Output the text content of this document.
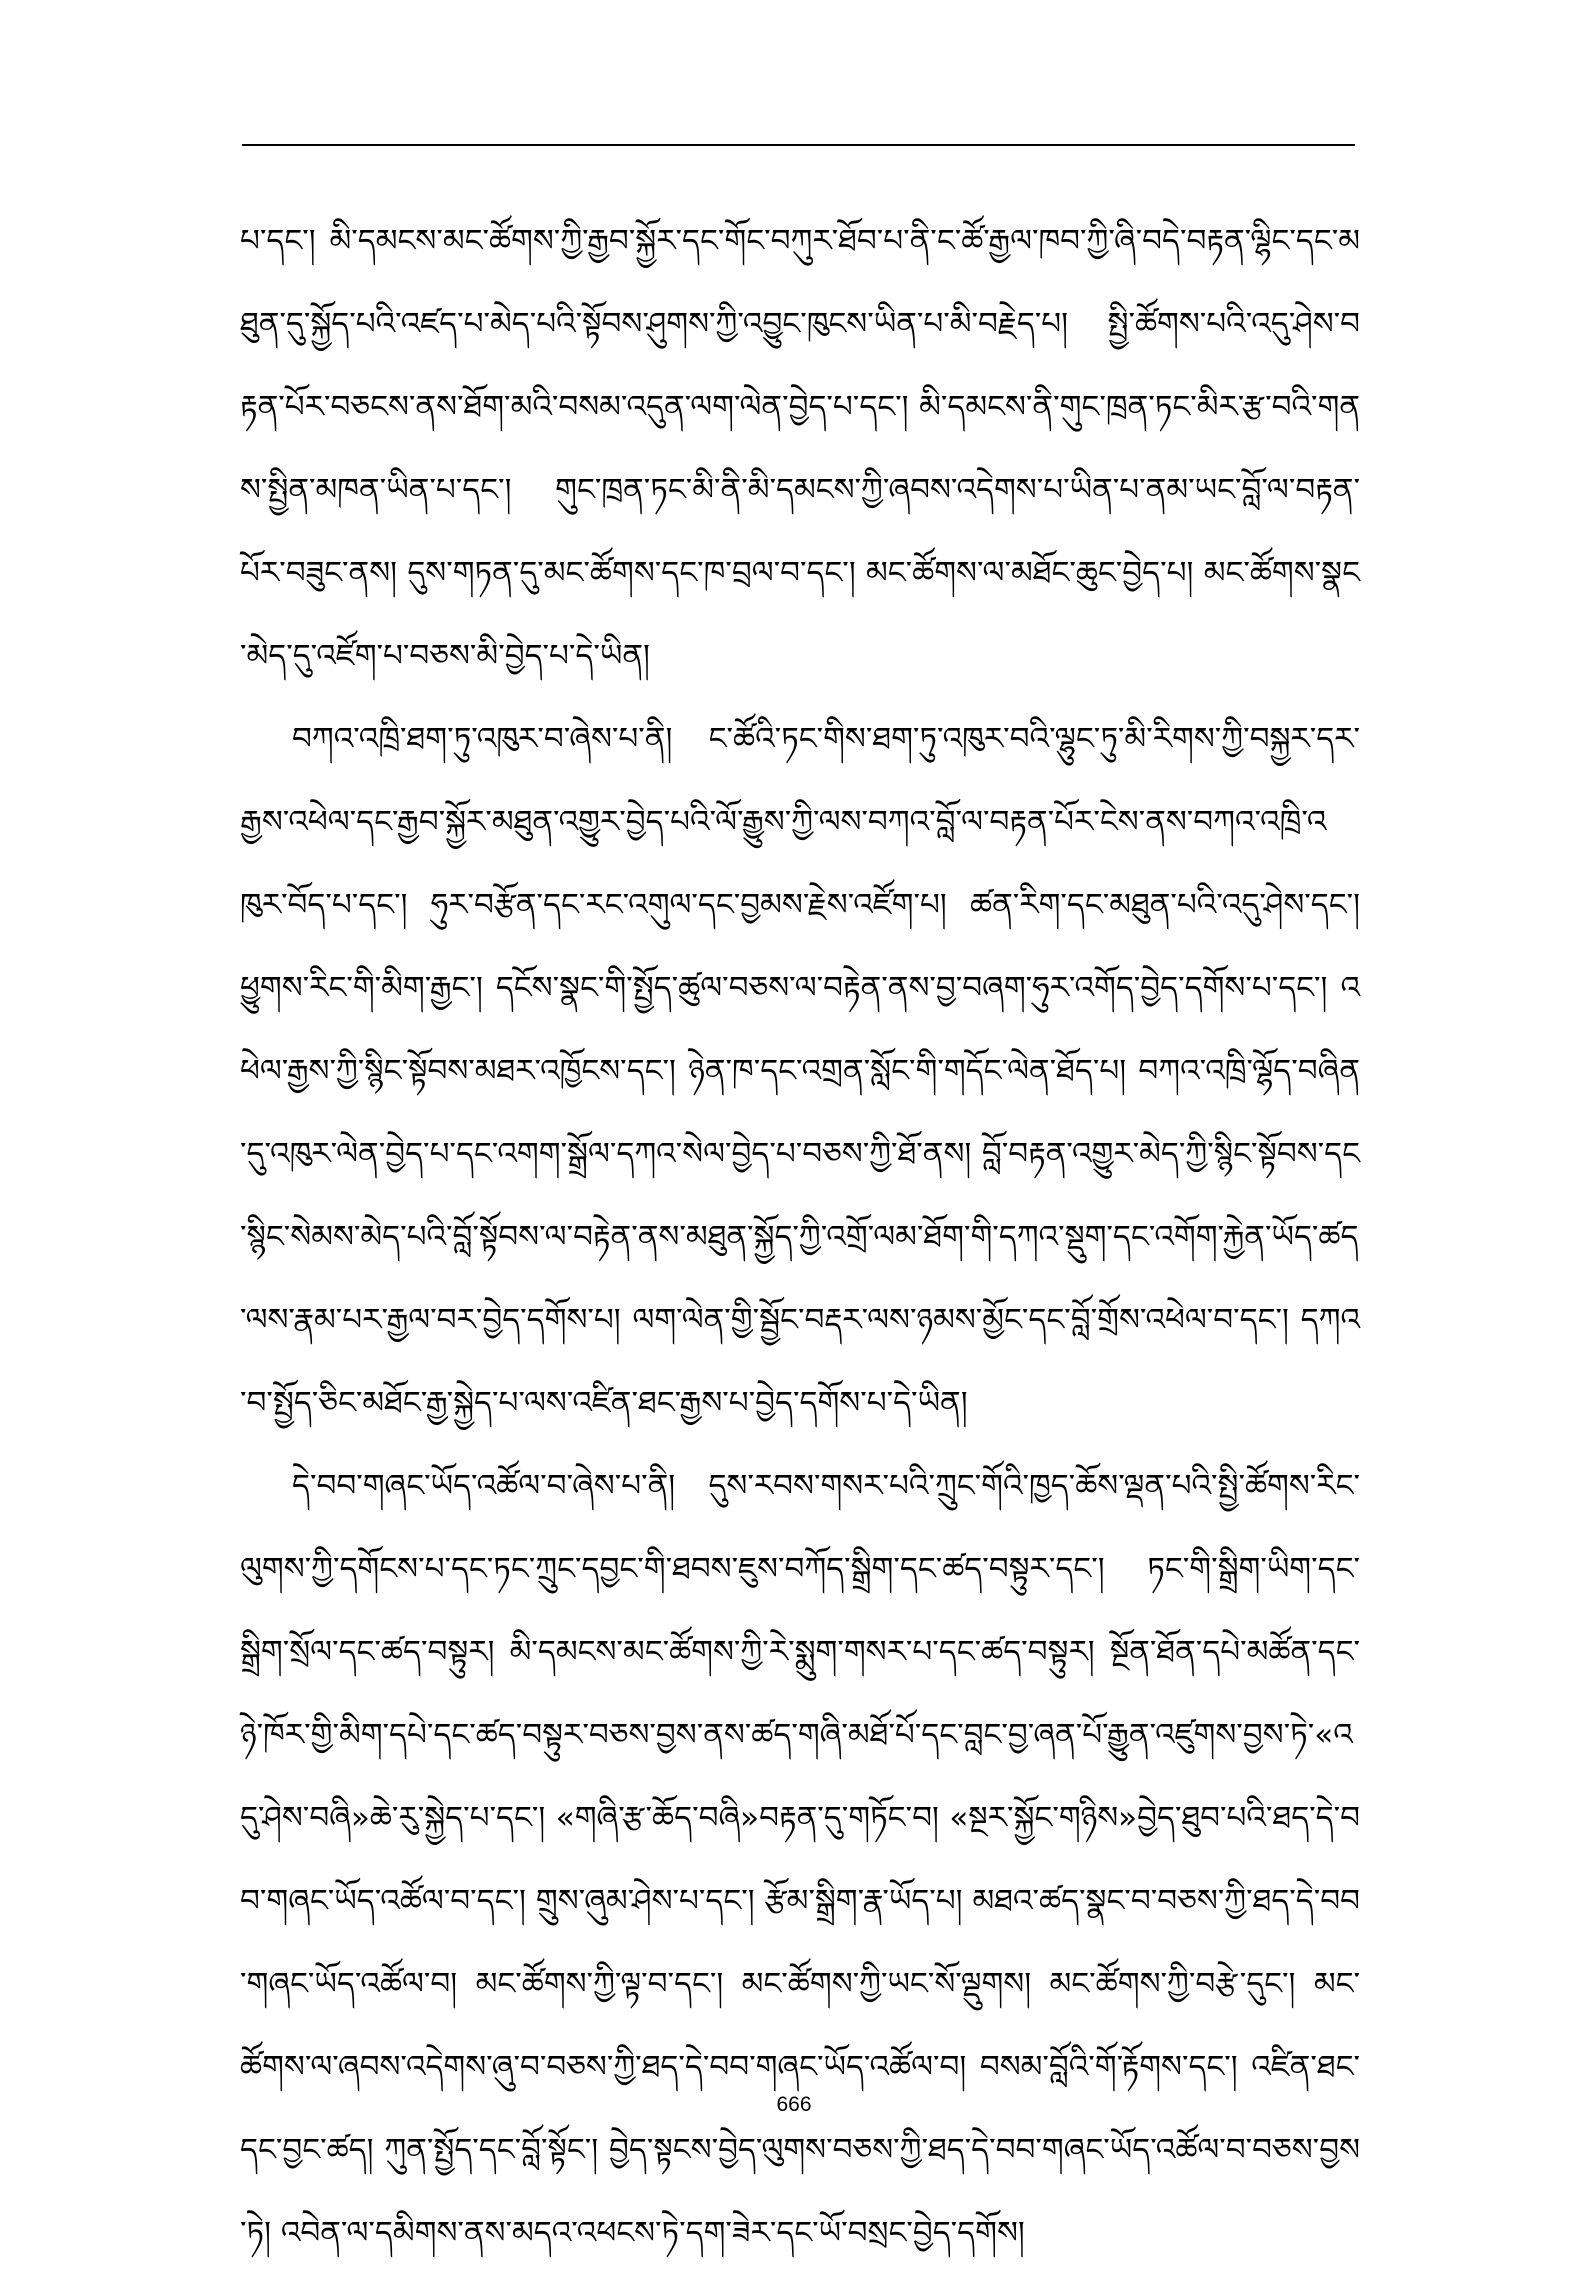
པ་དང་། མི་དམངས་མང་ཚོགས་ཀྱི་རྒྱབ་སྐྱོར་དང་གོང་བཀུར་ཐོབ་པ་ནི་ང་ཚོ་རྒྱལ་ཁབ་ཀྱི་ཞི་བདེ་བརྟན་ལྷིང་དང་མཐུན་དུ་སྐྱོད་པའི་འཛད་པ་མེད་པའི་སྟོབས་ཤུགས་ཀྱི་འབྱུང་ཁུངས་ཡིན་པ་མི་བརྗེད་པ། སྤྱི་ཚོགས་པའི་འདུ་ཤེས་བརྟན་པོར་བཅངས་ནས་ཐོག་མའི་བསམ་འདུན་ལག་ལེན་བྱེད་པ་དང་། མི་དམངས་ནི་གུང་ཁྲན་ཏང་མིར་རྩ་བའི་གནས་སྤྱིན་མཁན་ཡིན་པ་དང་། གུང་ཁྲན་ཏང་མི་ནི་མི་དམངས་ཀྱི་ཞབས་འདེགས་པ་ཡིན་པ་ནམ་ཡང་བློ་ལ་བརྟན་པོར་བཟུང་ནས། དུས་གཏན་དུ་མང་ཚོགས་དང་ཁ་བྲལ་བ་དང་། མང་ཚོགས་ལ་མཐོང་ཆུང་བྱེད་པ། མང་ཚོགས་སྣང་མེད་དུ་འཛོག་པ་བཅས་མི་བྱེད་པ་དེ་ཡིན།

བཀའ་འཁྲི་ཐག་ཏུ་འཁུར་བ་ཞེས་པ་ནི། ང་ཚོའི་ཏང་གིས་ཐག་ཏུ་འཁུར་བའི་ལྷུང་ཏུ་མི་རིགས་ཀྱི་བསྐྱར་དར་རྒྱས་འཕེལ་དང་རྒྱབ་སྐྱོར་མཐུན་འགྱུར་བྱེད་པའི་ལོ་རྒྱུས་ཀྱི་ལས་བཀའ་བློ་ལ་བརྟན་པོར་ངེས་ནས་བཀའ་འཁྲི་འཁུར་བོད་པ་དང་། ཧུར་བརྩོན་དང་རང་འགུལ་དང་བྱམས་རྗེས་འཛོག་པ། ཚན་རིག་དང་མཐུན་པའི་འདུ་ཤེས་དང་། ཕྱུགས་རིང་གི་མིག་རྒྱང་། དངོས་སྣང་གི་སྤྱོད་ཚུལ་བཅས་ལ་བརྟེན་ནས་བྱ་བཞག་ཧུར་འགོད་བྱེད་དགོས་པ་དང་། འཕེལ་རྒྱས་ཀྱི་སྙིང་སྟོབས་མཐར་འཁྱོངས་དང་། ཉེན་ཁ་དང་འགྲན་སློང་གི་གདོང་ལེན་ཐོད་པ། བཀའ་འཁྲི་ལྷོད་བཞིན་དུ་འཁུར་ལེན་བྱེད་པ་དང་འགག་སྒྲོལ་དཀའ་སེལ་བྱེད་པ་བཅས་ཀྱི་ཐོ་ནས། བློ་བརྟན་འགྱུར་མེད་ཀྱི་སྙིང་སྟོབས་དང་སྙིང་སེམས་མེད་པའི་བློ་སྟོབས་ལ་བརྟེན་ནས་མཐུན་སྐྱོད་ཀྱི་འགྲོ་ལམ་ཐོག་གི་དཀའ་སྡུག་དང་འགོག་རྐྱེན་ཡོད་ཚད་ལས་རྣམ་པར་རྒྱལ་བར་བྱེད་དགོས་པ། ལག་ལེན་གྱི་སྦྱོང་བརྡར་ལས་ཉམས་མྱོང་དང་བློ་གྲོས་འཕེལ་བ་དང་། དཀའ་བ་སྤྱོད་ཅིང་མཐོང་རྒྱ་སྐྱེད་པ་ལས་འཛིན་ཐང་རྒྱས་པ་བྱེད་དགོས་པ་དེ་ཡིན།

དེ་བབ་གཞང་ཡོད་འཚོལ་བ་ཞེས་པ་ནི། དུས་རབས་གསར་པའི་ཀྲུང་གོའི་ཁྱད་ཆོས་ལྡན་པའི་སྤྱི་ཚོགས་རིང་ལུགས་ཀྱི་དགོངས་པ་དང་ཏང་ཀྲུང་དབྱང་གི་ཐབས་ཇུས་བཀོད་སྒྲིག་དང་ཚད་བསྟུར་དང་། ཏང་གི་སྒྲིག་ཡིག་དང་སྒྲིག་སྲོལ་དང་ཚད་བསྟུར། མི་དམངས་མང་ཚོགས་ཀྱི་རེ་སྨུག་གསར་པ་དང་ཚད་བསྟུར། སྔོན་ཐོན་དཔེ་མཚོན་དང་ཉེ་ཁོར་གྱི་མིག་དཔེ་དང་ཚད་བསྟུར་བཅས་བྱས་ནས་ཚད་གཞི་མཐོ་པོ་དང་བླང་བྱ་ཞན་པོ་རྒྱུན་འཛུགས་བྱས་ཏེ་«འདུ་ཤེས་བཞི»ཆེ་རུ་སྐྱེད་པ་དང་། «གཞི་རྩ་ཆོད་བཞི»བརྟན་དུ་གཏོང་བ། «སྔར་སྐྱོང་གཉིས»བྱེད་ཐུབ་པའི་ཐད་དེ་བབ་གཞང་ཡོད་འཚོལ་བ་དང་། གྲུས་ཞུམ་ཤེས་པ་དང་། རྩོམ་སྒྲིག་རྣ་ཡོད་པ། མཐའ་ཚད་སྣང་བ་བཅས་ཀྱི་ཐད་དེ་བབ་གཞང་ཡོད་འཚོལ་བ། མང་ཚོགས་ཀྱི་ལྟ་བ་དང་། མང་ཚོགས་ཀྱི་ཡང་སོ་ལྡུགས། མང་ཚོགས་ཀྱི་བརྩེ་དུང་། མང་ཚོགས་ལ་ཞབས་འདེགས་ཞུ་བ་བཅས་ཀྱི་ཐད་དེ་བབ་གཞང་ཡོད་འཚོལ་བ། བསམ་བློའི་གོ་རྟོགས་དང་། འཛིན་ཐང་དང་བྱང་ཚད། ཀུན་སྤྱོད་དང་བློ་སྟོང་། བྱེད་སྟངས་བྱེད་ལུགས་བཅས་ཀྱི་ཐད་དེ་བབ་གཞང་ཡོད་འཚོལ་བ་བཅས་བྱས་ཏེ། འབེན་ལ་དམིགས་ནས་མདའ་འཕངས་ཏེ་དག་ཟེར་དང་ཡོ་བསྲང་བྱེད་དགོས།

666
